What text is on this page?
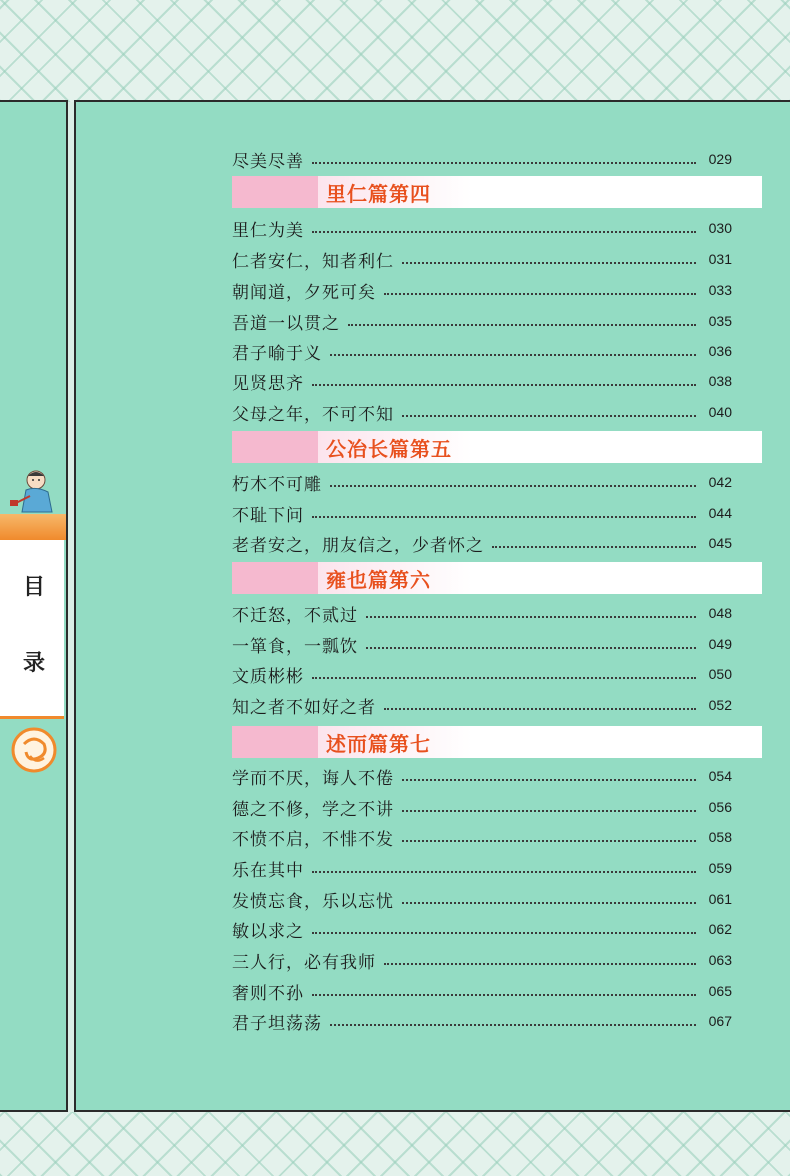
目
录
尽美尽善	029
里仁篇第四
里仁为美	030
仁者安仁，知者利仁	031
朝闻道，夕死可矣	033
吾道一以贯之	035
君子喻于义	036
见贤思齐	038
父母之年，不可不知	040
公冶长篇第五
朽木不可雕	042
不耻下问	044
老者安之，朋友信之，少者怀之	045
雍也篇第六
不迁怒，不贰过	048
一箪食，一瓢饮	049
文质彬彬	050
知之者不如好之者	052
述而篇第七
学而不厌，诲人不倦	054
德之不修，学之不讲	056
不愤不启，不悱不发	058
乐在其中	059
发愤忘食，乐以忘忧	061
敏以求之	062
三人行，必有我师	063
奢则不孙	065
君子坦荡荡	067
